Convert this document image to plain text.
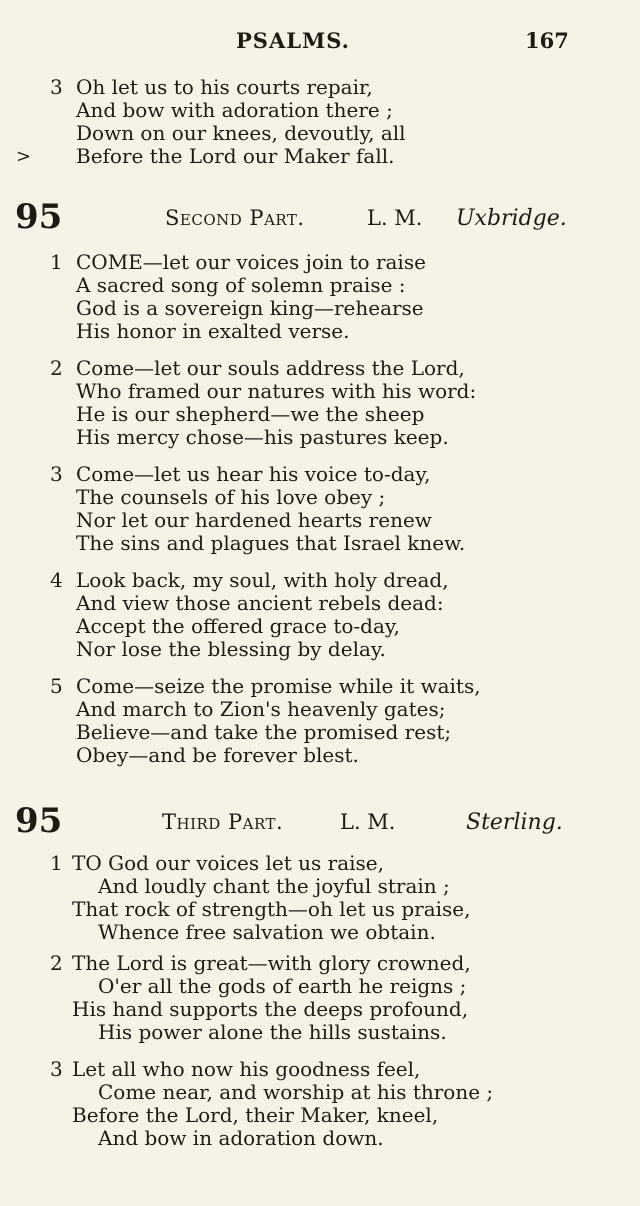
PSALMS.	167
3 Oh let us to his courts repair,
And bow with adoration there ;
Down on our knees, devoutly, all
> Before the Lord our Maker fall.
95	Second Part.	L. M. Uxbridge.
1 COME—let our voices join to raise
A sacred song of solemn praise :
God is a sovereign king—rehearse
His honor in exalted verse.
2 Come—let our souls address the Lord,
Who framed our natures with his word:
He is our shepherd—we the sheep
His mercy chose—his pastures keep.
3 Come—let us hear his voice to-day,
The counsels of his love obey ;
Nor let our hardened hearts renew
The sins and plagues that Israel knew.
4 Look back, my soul, with holy dread,
And view those ancient rebels dead:
Accept the offered grace to-day,
Nor lose the blessing by delay.
5 Come—seize the promise while it waits,
And march to Zion's heavenly gates;
Believe—and take the promised rest;
Obey—and be forever blest.
95	Third Part.	L. M.	Sterling.
1 TO God our voices let us raise,
And loudly chant the joyful strain ;
That rock of strength—oh let us praise,
Whence free salvation we obtain.
2 The Lord is great—with glory crowned,
O'er all the gods of earth he reigns ;
His hand supports the deeps profound,
His power alone the hills sustains.
3 Let all who now his goodness feel,
Come near, and worship at his throne ;
Before the Lord, their Maker, kneel,
And bow in adoration down.
